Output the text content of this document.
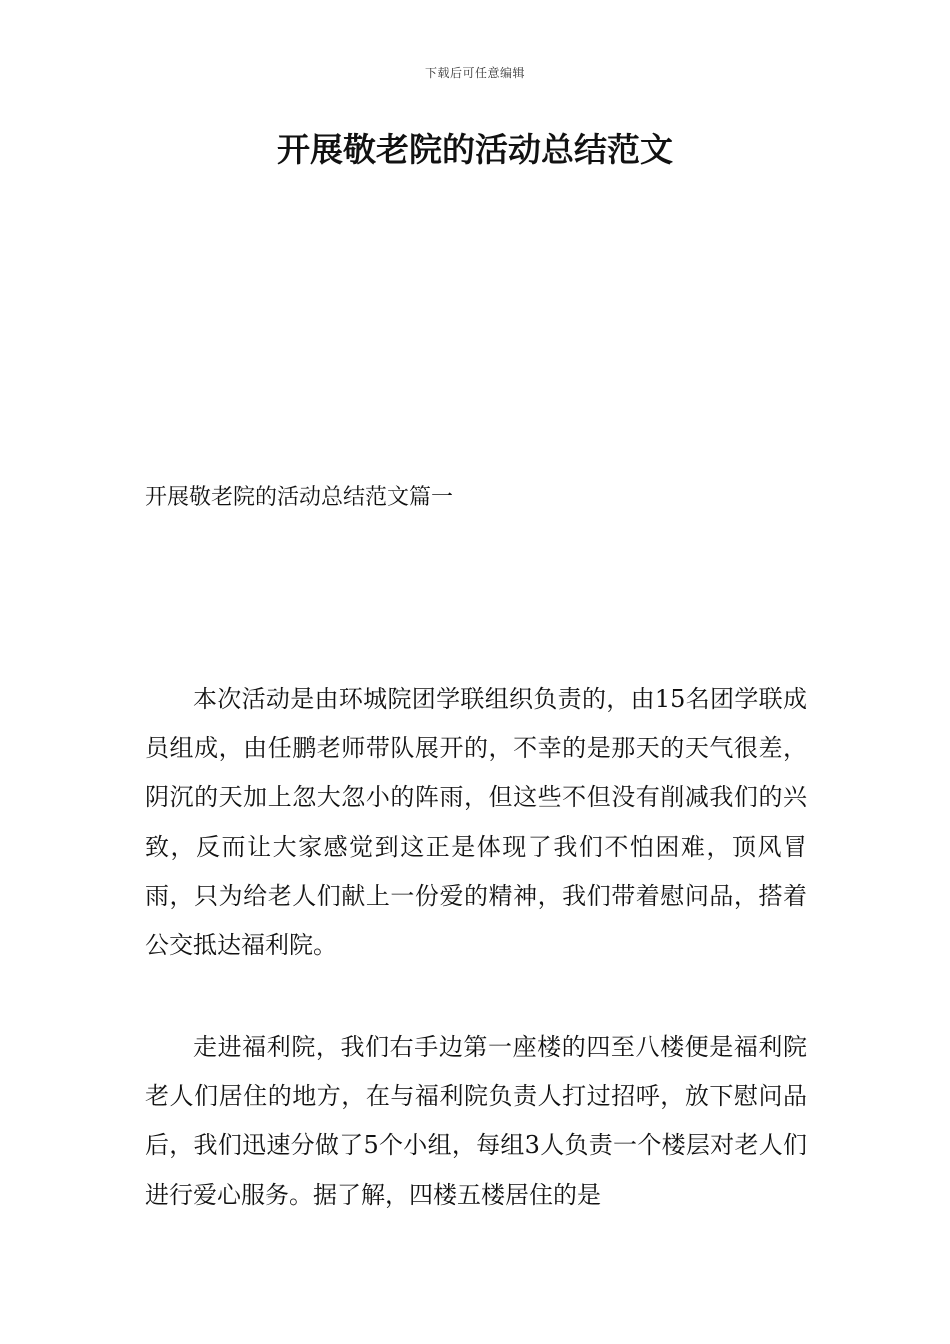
下载后可任意编辑
开展敬老院的活动总结范文
开展敬老院的活动总结范文篇一

本次活动是由环城院团学联组织负责的，由15名团学联成员组成，由任鹏老师带队展开的，不幸的是那天的天气很差，阴沉的天加上忽大忽小的阵雨，但这些不但没有削减我们的兴致，反而让大家感觉到这正是体现了我们不怕困难，顶风冒雨，只为给老人们献上一份爱的精神，我们带着慰问品，搭着公交抵达福利院。

走进福利院，我们右手边第一座楼的四至八楼便是福利院老人们居住的地方，在与福利院负责人打过招呼，放下慰问品后，我们迅速分做了5个小组，每组3人负责一个楼层对老人们进行爱心服务。据了解，四楼五楼居住的是
